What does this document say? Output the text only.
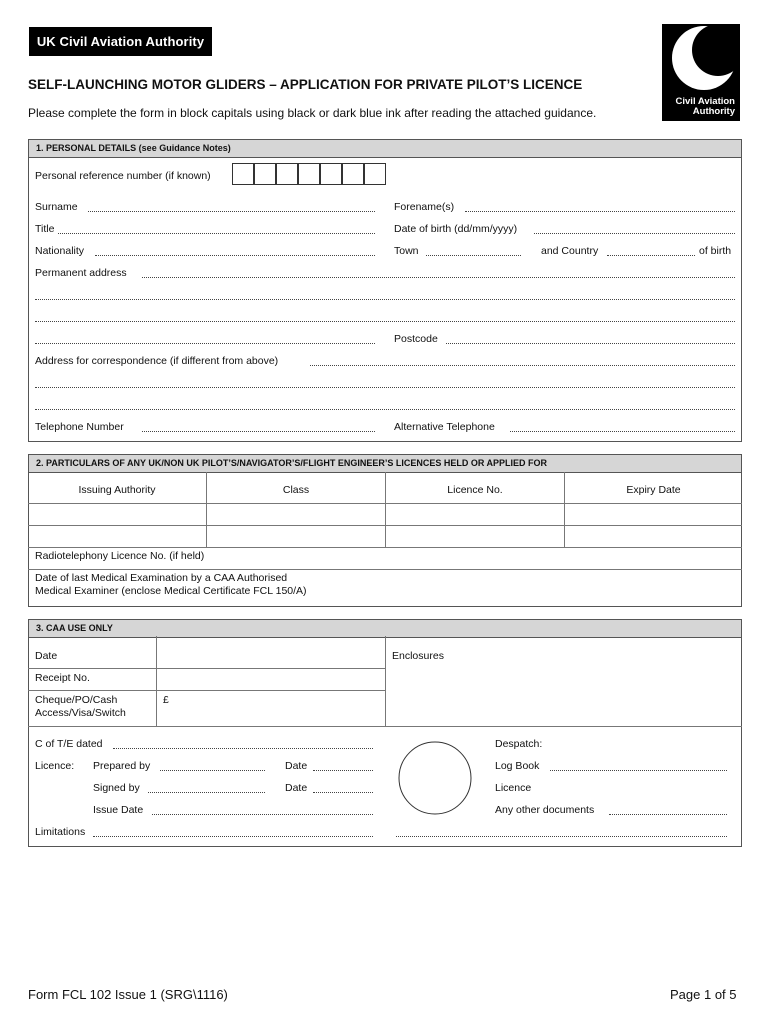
UK Civil Aviation Authority
Civil Aviation
Authority
SELF-LAUNCHING MOTOR GLIDERS – APPLICATION FOR PRIVATE PILOT’S LICENCE
Please complete the form in block capitals using black or dark blue ink after reading the attached guidance.
1. PERSONAL DETAILS (see Guidance Notes)
Personal reference number (if known)
Surname	Forename(s)
Title	Date of birth (dd/mm/yyyy)
Nationality	Town	and Country	of birth
Permanent address
Postcode
Address for correspondence (if different from above)
Telephone Number	Alternative Telephone
2. PARTICULARS OF ANY UK/NON UK PILOT’S/NAVIGATOR’S/FLIGHT ENGINEER’S LICENCES HELD OR APPLIED FOR
Issuing Authority	Class	Licence No.	Expiry Date
Radiotelephony Licence No. (if held)
Date of last Medical Examination by a CAA Authorised
Medical Examiner (enclose Medical Certificate FCL 150/A)
3. CAA USE ONLY
Date
Receipt No.
Cheque/PO/Cash
Access/Visa/Switch
£
Enclosures
C of T/E dated
Licence: Prepared by	Date
Signed by	Date
Issue Date
Limitations
Despatch:
Log Book
Licence
Any other documents
Form FCL 102 Issue 1 (SRG\1116)	Page 1 of 5
